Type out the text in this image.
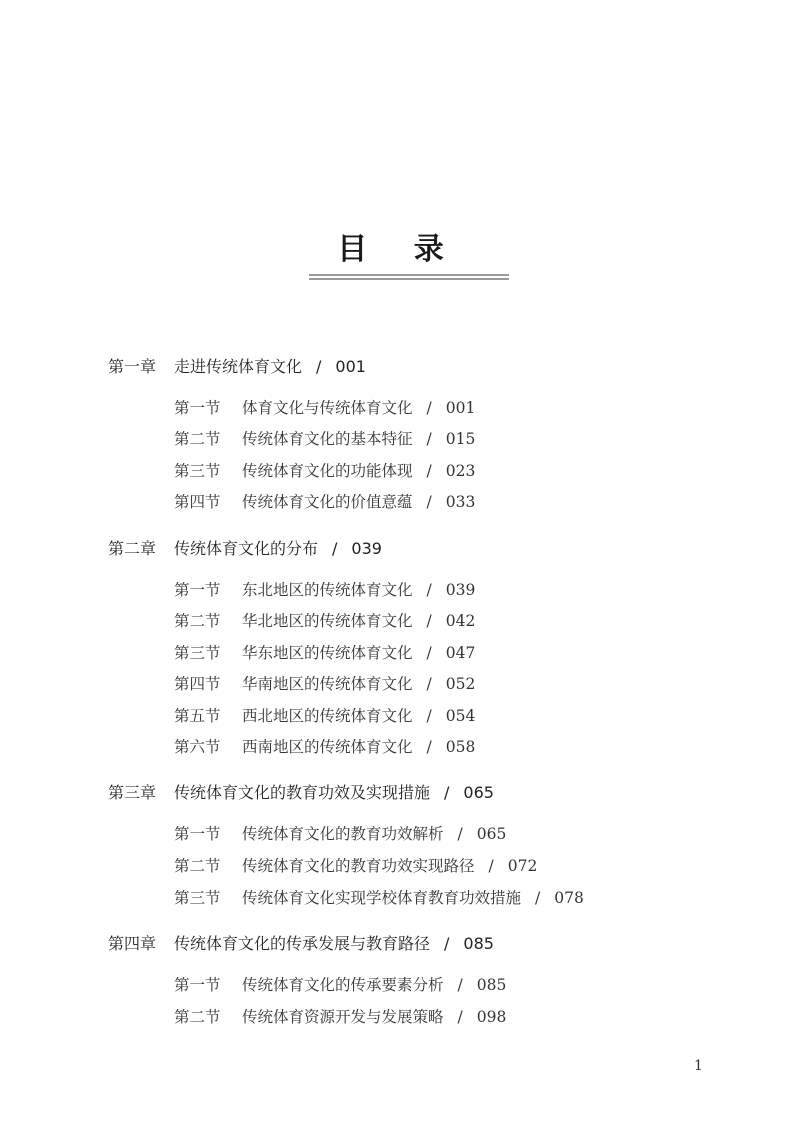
目 录
第一章 走进传统体育文化 / 001
第一节 体育文化与传统体育文化 / 001
第二节 传统体育文化的基本特征 / 015
第三节 传统体育文化的功能体现 / 023
第四节 传统体育文化的价值意蕴 / 033
第二章 传统体育文化的分布 / 039
第一节 东北地区的传统体育文化 / 039
第二节 华北地区的传统体育文化 / 042
第三节 华东地区的传统体育文化 / 047
第四节 华南地区的传统体育文化 / 052
第五节 西北地区的传统体育文化 / 054
第六节 西南地区的传统体育文化 / 058
第三章 传统体育文化的教育功效及实现措施 / 065
第一节 传统体育文化的教育功效解析 / 065
第二节 传统体育文化的教育功效实现路径 / 072
第三节 传统体育文化实现学校体育教育功效措施 / 078
第四章 传统体育文化的传承发展与教育路径 / 085
第一节 传统体育文化的传承要素分析 / 085
第二节 传统体育资源开发与发展策略 / 098
1
